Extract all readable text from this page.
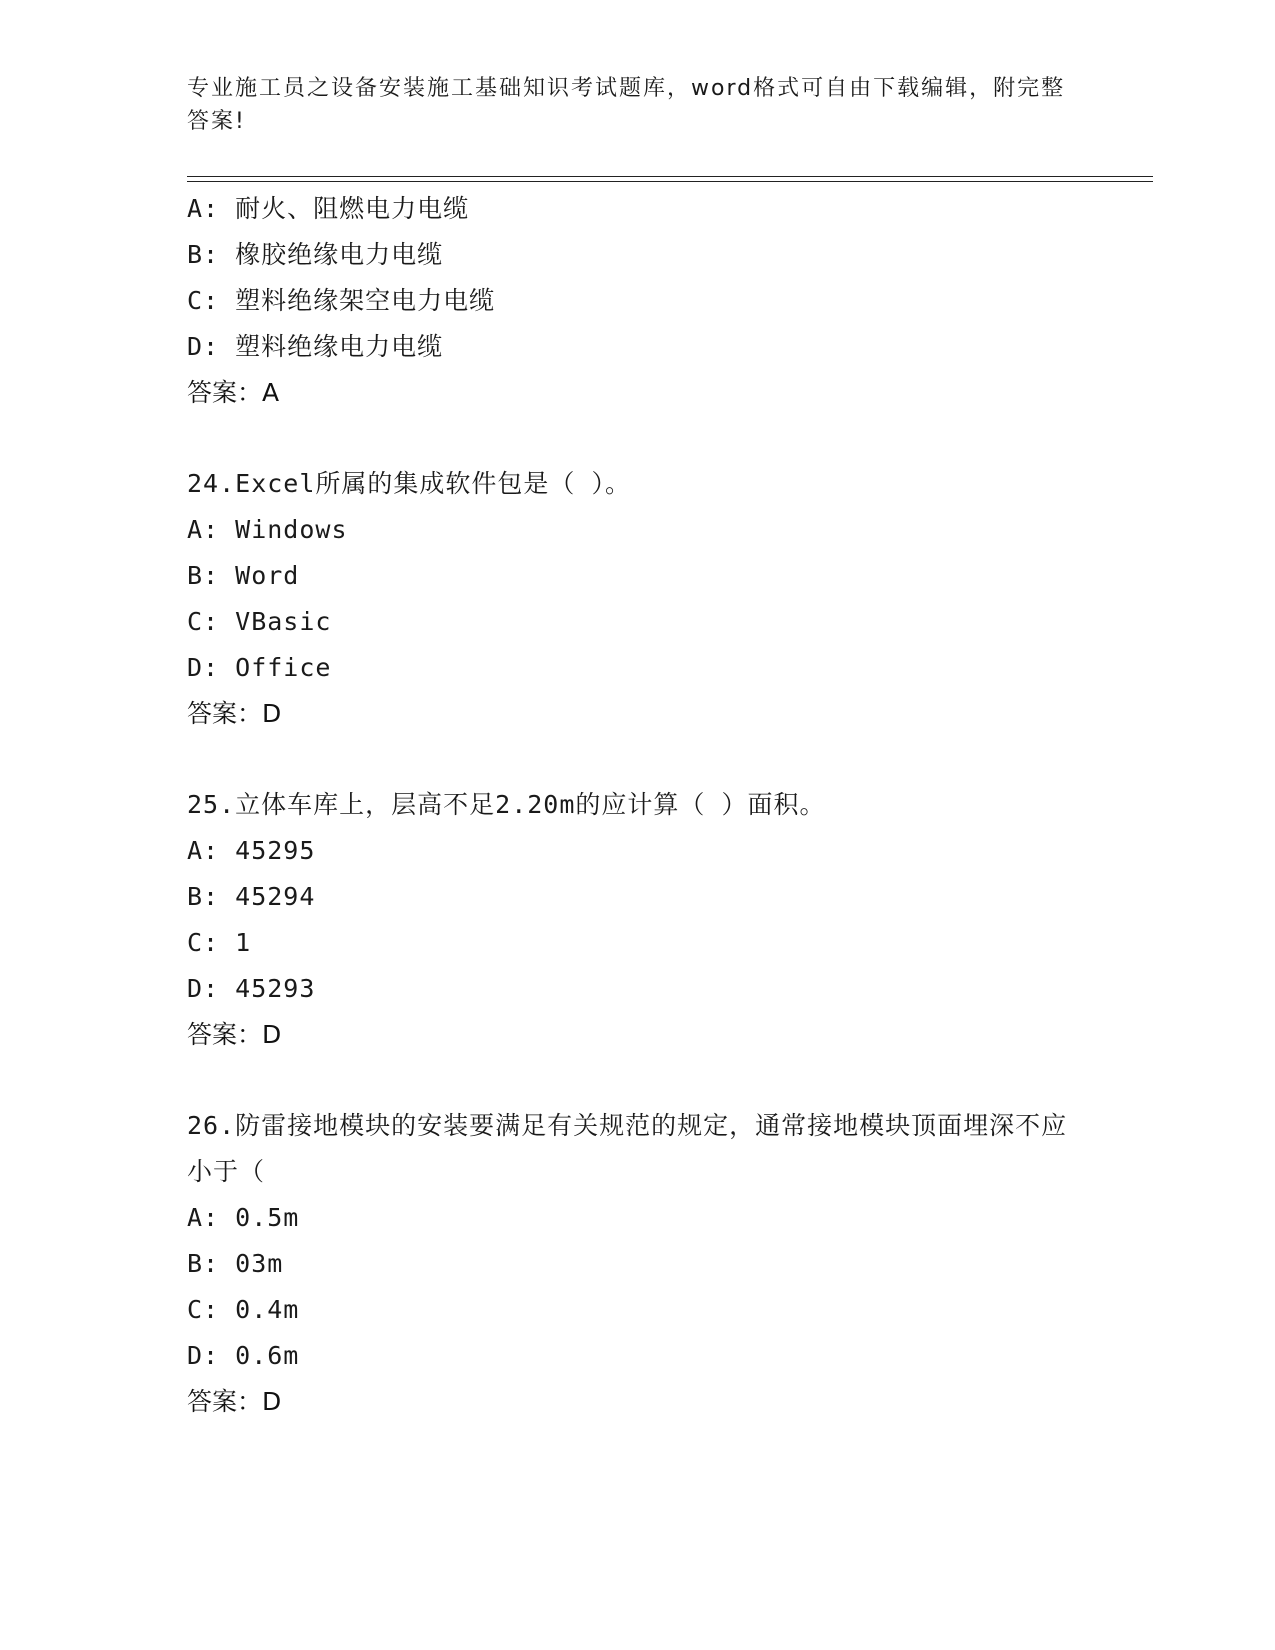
专业施工员之设备安装施工基础知识考试题库，word格式可自由下载编辑，附完整答案!
A: 耐火、阻燃电力电缆
B: 橡胶绝缘电力电缆
C: 塑料绝缘架空电力电缆
D: 塑料绝缘电力电缆
答案：A
24.Excel所属的集成软件包是（ ）。
A: Windows
B: Word
C: VBasic
D: Office
答案：D
25.立体车库上，层高不足2.20m的应计算（ ）面积。
A: 45295
B: 45294
C: 1
D: 45293
答案：D
26.防雷接地模块的安装要满足有关规范的规定，通常接地模块顶面埋深不应小于（
A: 0.5m
B: 03m
C: 0.4m
D: 0.6m
答案：D
